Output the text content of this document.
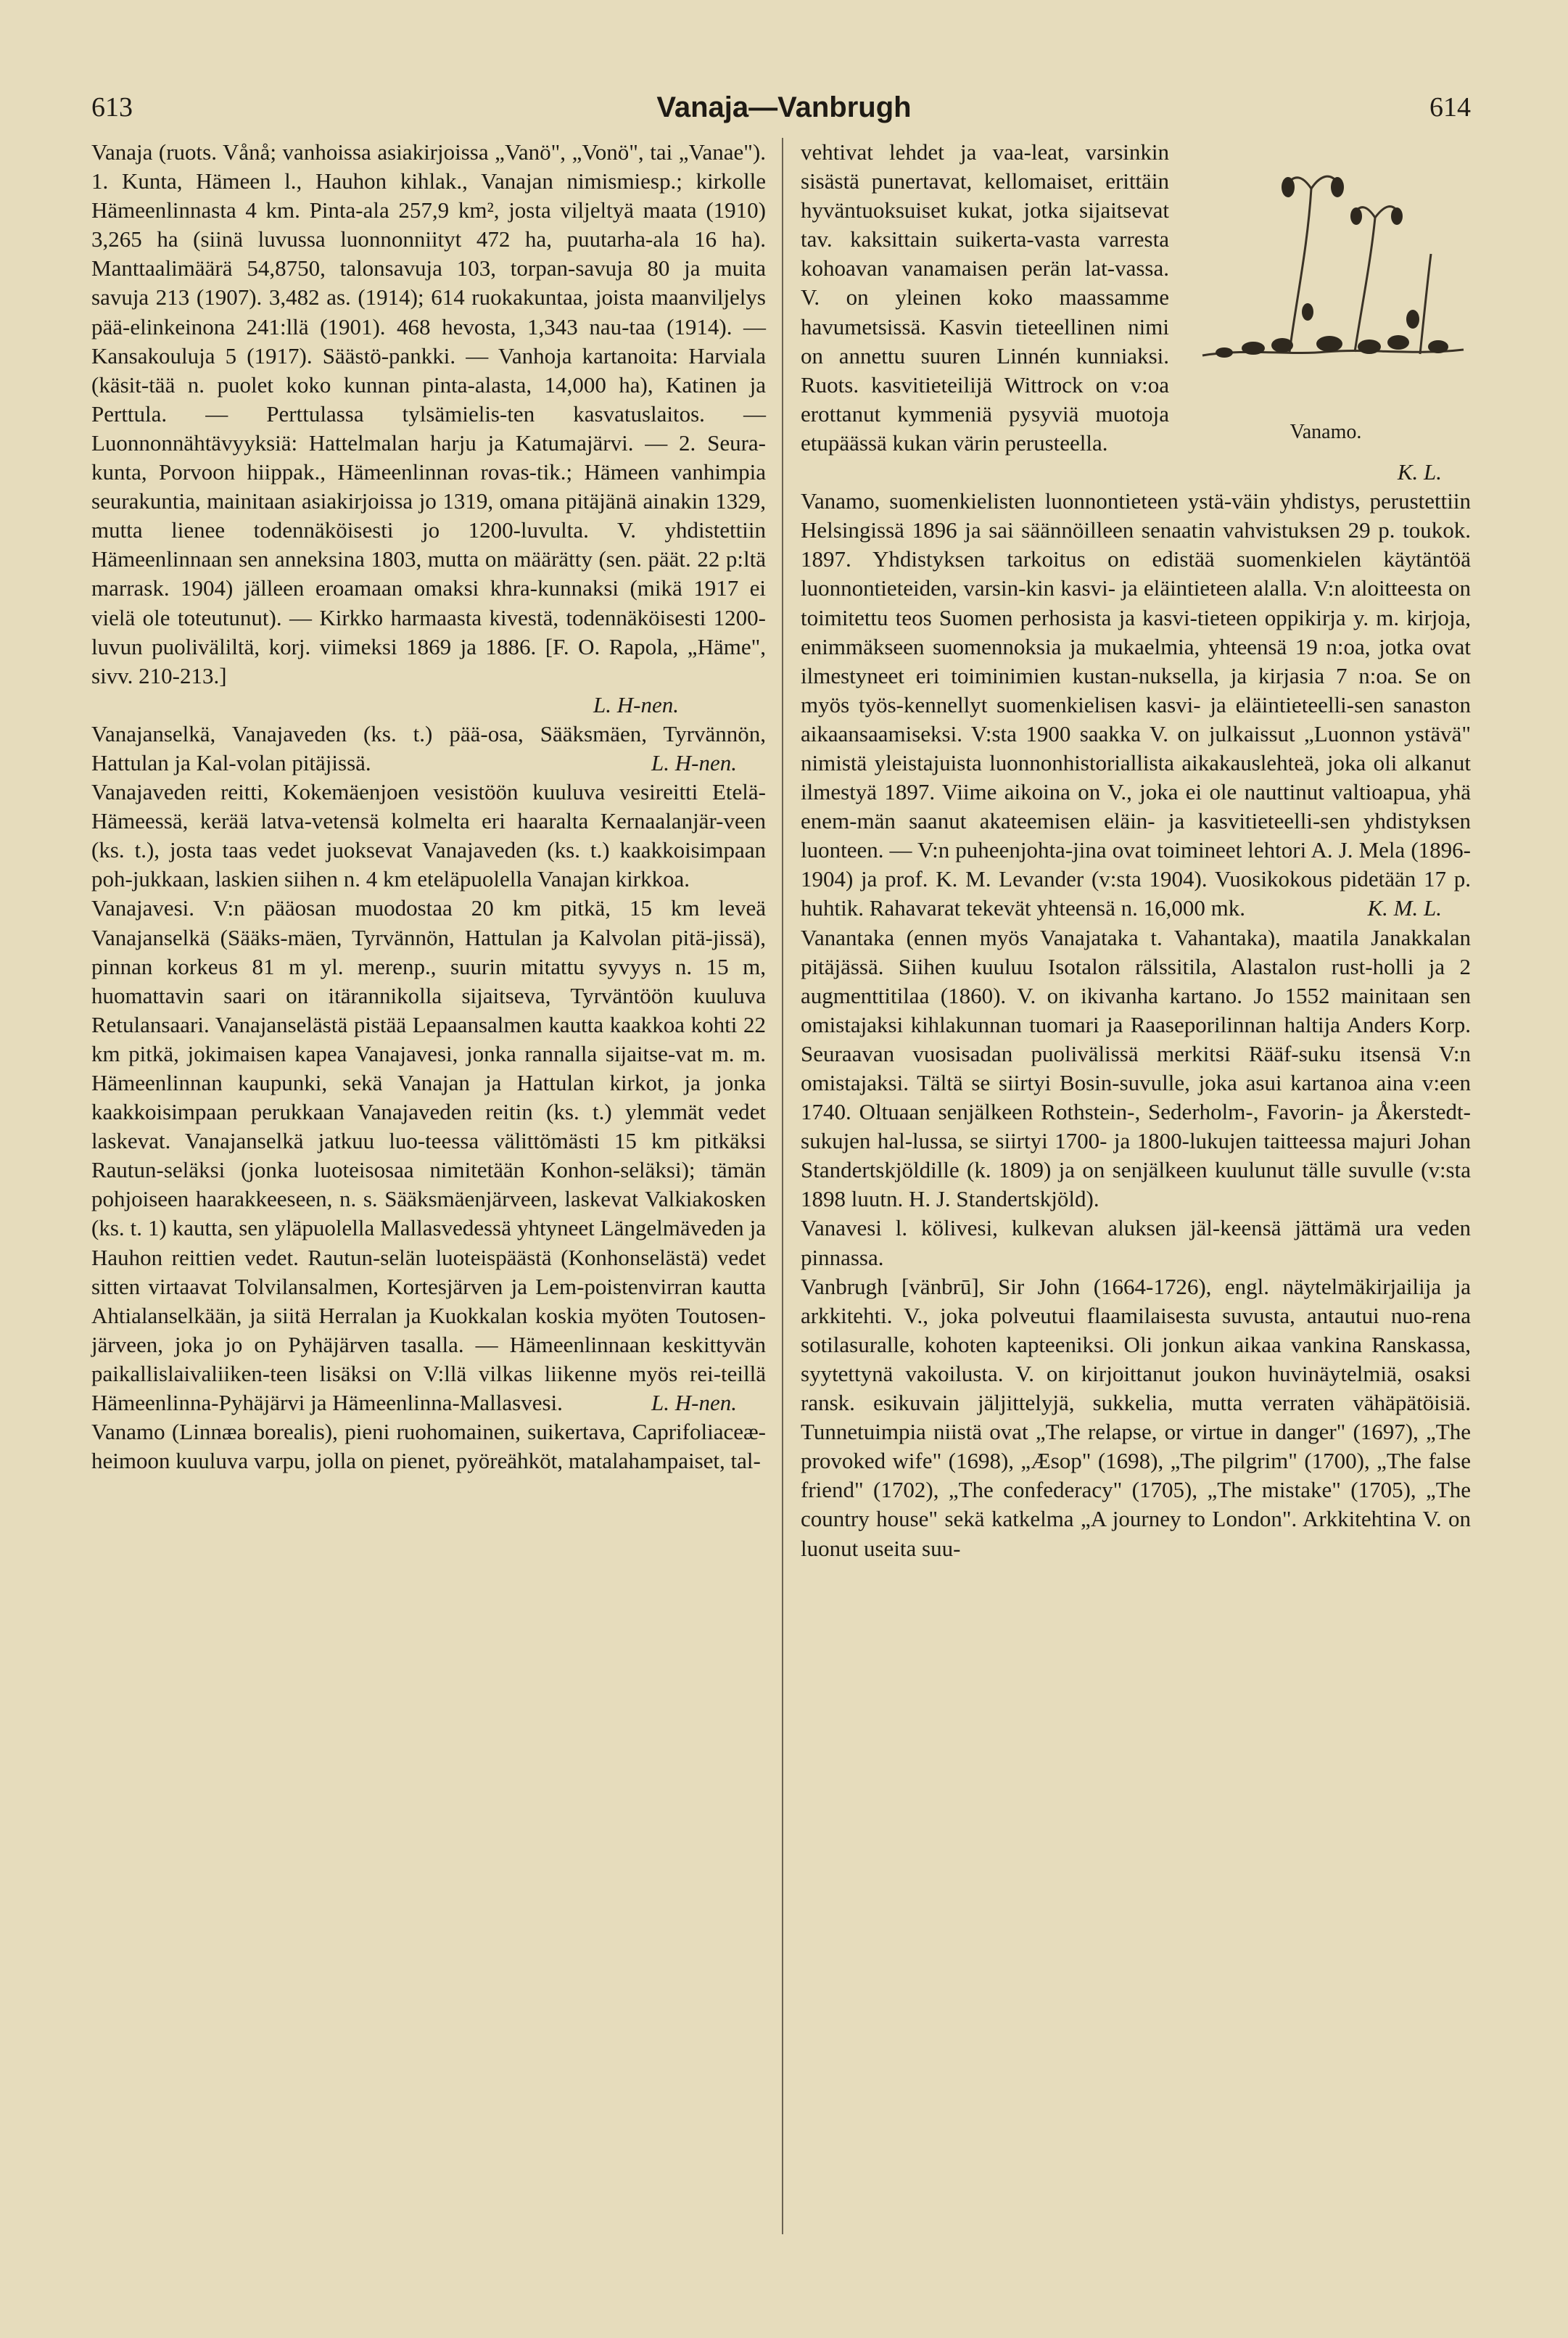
613	Vanaja—Vanbrugh	614

Vanaja (ruots. Vånå; vanhoissa asiakirjoissa „Vanö", „Vonö", tai „Vanae"). 1. Kunta, Hämeen l., Hauhon kihlak., Vanajan nimismiesp.; kirkolle Hämeenlinnasta 4 km. Pinta-ala 257,9 km², josta viljeltyä maata (1910) 3,265 ha (siinä luvussa luonnonniityt 472 ha, puutarha-ala 16 ha). Manttaalimäärä 54,8750, talonsavuja 103, torpan-savuja 80 ja muita savuja 213 (1907). 3,482 as. (1914); 614 ruokakuntaa, joista maanviljelys pää-elinkeinona 241:llä (1901). 468 hevosta, 1,343 nau-taa (1914). — Kansakouluja 5 (1917). Säästö-pankki. — Vanhoja kartanoita: Harviala (käsit-tää n. puolet koko kunnan pinta-alasta, 14,000 ha), Katinen ja Perttula. — Perttulassa tylsämielis-ten kasvatuslaitos. — Luonnonnähtävyyksiä: Hattelmalan harju ja Katumajärvi. — 2. Seura-kunta, Porvoon hiippak., Hämeenlinnan rovas-tik.; Hämeen vanhimpia seurakuntia, mainitaan asiakirjoissa jo 1319, omana pitäjänä ainakin 1329, mutta lienee todennäköisesti jo 1200-luvulta. V. yhdistettiin Hämeenlinnaan sen anneksina 1803, mutta on määrätty (sen. päät. 22 p:ltä marrask. 1904) jälleen eroamaan omaksi khra-kunnaksi (mikä 1917 ei vielä ole toteutunut). — Kirkko harmaasta kivestä, todennäköisesti 1200-luvun puoliväliltä, korj. viimeksi 1869 ja 1886. [F. O. Rapola, „Häme", sivv. 210-213.]

L. H-nen.

Vanajanselkä, Vanajaveden (ks. t.) pää-osa, Sääksmäen, Tyrvännön, Hattulan ja Kal-volan pitäjissä.	L. H-nen.

Vanajaveden reitti, Kokemäenjoen vesistöön kuuluva vesireitti Etelä-Hämeessä, kerää latva-vetensä kolmelta eri haaralta Kernaalanjär-veen (ks. t.), josta taas vedet juoksevat Vanajaveden (ks. t.) kaakkoisimpaan poh-jukkaan, laskien siihen n. 4 km eteläpuolella Vanajan kirkkoa.

Vanajavesi. V:n pääosan muodostaa 20 km pitkä, 15 km leveä Vanajanselkä (Sääks-mäen, Tyrvännön, Hattulan ja Kalvolan pitä-jissä), pinnan korkeus 81 m yl. merenp., suurin mitattu syvyys n. 15 m, huomattavin saari on itärannikolla sijaitseva, Tyrväntöön kuuluva Retulansaari. Vanajanselästä pistää Lepaansalmen kautta kaakkoa kohti 22 km pitkä, jokimaisen kapea Vanajavesi, jonka rannalla sijaitse-vat m. m. Hämeenlinnan kaupunki, sekä Vanajan ja Hattulan kirkot, ja jonka kaakkoisimpaan perukkaan Vanajaveden reitin (ks. t.) ylemmät vedet laskevat. Vanajanselkä jatkuu luo-teessa välittömästi 15 km pitkäksi Rautun-seläksi (jonka luoteisosaa nimitetään Konhon-seläksi); tämän pohjoiseen haarakkeeseen, n. s. Sääksmäenjärveen, laskevat Valkiakosken (ks. t. 1) kautta, sen yläpuolella Mallasvedessä yhtyneet Längelmäveden ja Hauhon reittien vedet. Rautun-selän luoteispäästä (Konhonselästä) vedet sitten virtaavat Tolvilansalmen, Kortesjärven ja Lem-poistenvirran kautta Ahtialanselkään, ja siitä Herralan ja Kuokkalan koskia myöten Toutosen-järveen, joka jo on Pyhäjärven tasalla. — Hämeenlinnaan keskittyvän paikallislaivaliiken-teen lisäksi on V:llä vilkas liikenne myös rei-teillä Hämeenlinna-Pyhäjärvi ja Hämeenlinna-Mallasvesi.	L. H-nen.

Vanamo (Linnæa borealis), pieni ruohomainen, suikertava, Caprifoliaceæ-heimoon kuuluva varpu, jolla on pienet, pyöreähköt, matalahampaiset, tal-

Vanamo.

vehtivat lehdet ja vaa-leat, varsinkin sisästä punertavat, kellomaiset, erittäin hyväntuoksuiset kukat, jotka sijaitsevat tav. kaksittain suikerta-vasta varresta kohoavan vanamaisen perän lat-vassa. V. on yleinen koko maassamme havumetsissä. Kasvin tieteellinen nimi on annettu suuren Linnén kunniaksi. Ruots. kasvitieteilijä Wittrock on v:oa erottanut kymmeniä pysyviä muotoja etupäässä kukan värin perusteella.
K. L.

Vanamo, suomenkielisten luonnontieteen ystä-väin yhdistys, perustettiin Helsingissä 1896 ja sai säännöilleen senaatin vahvistuksen 29 p. toukok. 1897. Yhdistyksen tarkoitus on edistää suomenkielen käytäntöä luonnontieteiden, varsin-kin kasvi- ja eläintieteen alalla. V:n aloitteesta on toimitettu teos Suomen perhosista ja kasvi-tieteen oppikirja y. m. kirjoja, enimmäkseen suomennoksia ja mukaelmia, yhteensä 19 n:oa, jotka ovat ilmestyneet eri toiminimien kustan-nuksella, ja kirjasia 7 n:oa. Se on myös työs-kennellyt suomenkielisen kasvi- ja eläintieteelli-sen sanaston aikaansaamiseksi. V:sta 1900 saakka V. on julkaissut „Luonnon ystävä" nimistä yleistajuista luonnonhistoriallista aikakauslehteä, joka oli alkanut ilmestyä 1897. Viime aikoina on V., joka ei ole nauttinut valtioapua, yhä enem-män saanut akateemisen eläin- ja kasvitieteelli-sen yhdistyksen luonteen. — V:n puheenjohta-jina ovat toimineet lehtori A. J. Mela (1896-1904) ja prof. K. M. Levander (v:sta 1904). Vuosikokous pidetään 17 p. huhtik. Rahavarat tekevät yhteensä n. 16,000 mk.	K. M. L.

Vanantaka (ennen myös Vanajataka t. Vahantaka), maatila Janakkalan pitäjässä. Siihen kuuluu Isotalon rälssitila, Alastalon rust-holli ja 2 augmenttitilaa (1860). V. on ikivanha kartano. Jo 1552 mainitaan sen omistajaksi kihlakunnan tuomari ja Raaseporilinnan haltija Anders Korp. Seuraavan vuosisadan puolivälissä merkitsi Rääf-suku itsensä V:n omistajaksi. Tältä se siirtyi Bosin-suvulle, joka asui kartanoa aina v:een 1740. Oltuaan senjälkeen Rothstein-, Sederholm-, Favorin- ja Åkerstedt-sukujen hal-lussa, se siirtyi 1700- ja 1800-lukujen taitteessa majuri Johan Standertskjöldille (k. 1809) ja on senjälkeen kuulunut tälle suvulle (v:sta 1898 luutn. H. J. Standertskjöld).

Vanavesi l. kölivesi, kulkevan aluksen jäl-keensä jättämä ura veden pinnassa.

Vanbrugh [vänbrū], Sir John (1664-1726), engl. näytelmäkirjailija ja arkkitehti. V., joka polveutui flaamilaisesta suvusta, antautui nuo-rena sotilasuralle, kohoten kapteeniksi. Oli jonkun aikaa vankina Ranskassa, syytettynä vakoilusta. V. on kirjoittanut joukon huvinäytelmiä, osaksi ransk. esikuvain jäljittelyjä, sukkelia, mutta verraten vähäpätöisiä. Tunnetuimpia niistä ovat „The relapse, or virtue in danger" (1697), „The provoked wife" (1698), „Æsop" (1698), „The pilgrim" (1700), „The false friend" (1702), „The confederacy" (1705), „The mistake" (1705), „The country house" sekä katkelma „A journey to London". Arkkitehtina V. on luonut useita suu-
